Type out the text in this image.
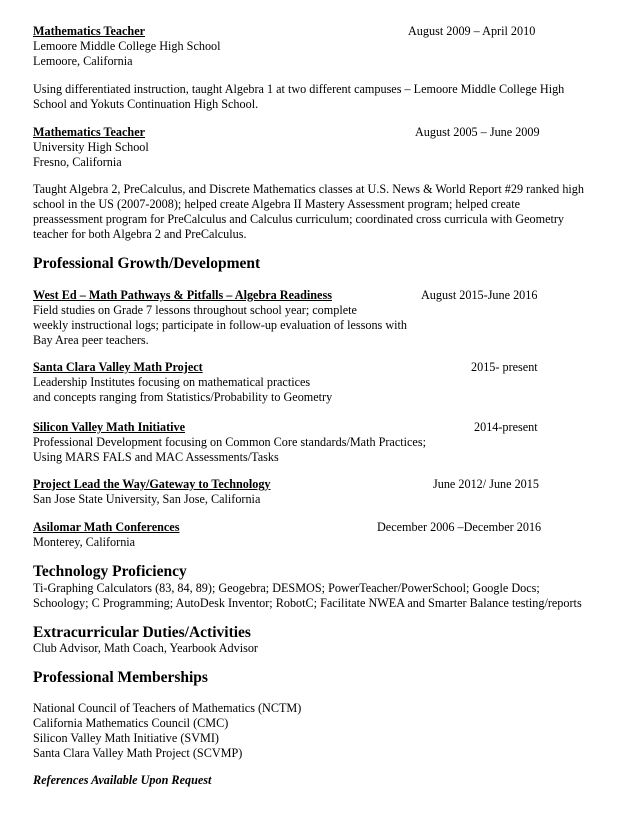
Mathematics Teacher	August 2009 – April 2010
Lemoore Middle College High School
Lemoore, California
Using differentiated instruction, taught Algebra 1 at two different campuses – Lemoore Middle College High
School and Yokuts Continuation High School.
Mathematics Teacher	August 2005 – June 2009
University High School
Fresno, California
Taught Algebra 2, PreCalculus, and Discrete Mathematics classes at U.S. News & World Report #29 ranked high
school in the US (2007-2008); helped create Algebra II Mastery Assessment program; helped create
preassessment program for PreCalculus and Calculus curriculum; coordinated cross curricula with Geometry
teacher for both Algebra 2 and PreCalculus.
Professional Growth/Development
West Ed – Math Pathways & Pitfalls – Algebra Readiness	August 2015-June 2016
Field studies on Grade 7 lessons throughout school year; complete
weekly instructional logs; participate in follow-up evaluation of lessons with
Bay Area peer teachers.
Santa Clara Valley Math Project	2015- present
Leadership Institutes focusing on mathematical practices
and concepts ranging from Statistics/Probability to Geometry
Silicon Valley Math Initiative	2014-present
Professional Development focusing on Common Core standards/Math Practices;
Using MARS FALS and MAC Assessments/Tasks
Project Lead the Way/Gateway to Technology	June 2012/ June 2015
San Jose State University, San Jose, California
Asilomar Math Conferences	December 2006 –December 2016
Monterey, California
Technology Proficiency
Ti-Graphing Calculators (83, 84, 89); Geogebra; DESMOS; PowerTeacher/PowerSchool; Google Docs;
Schoology; C Programming; AutoDesk Inventor; RobotC; Facilitate NWEA and Smarter Balance testing/reports
Extracurricular Duties/Activities
Club Advisor, Math Coach, Yearbook Advisor
Professional Memberships
National Council of Teachers of Mathematics (NCTM)
California Mathematics Council (CMC)
Silicon Valley Math Initiative (SVMI)
Santa Clara Valley Math Project (SCVMP)
References Available Upon Request
